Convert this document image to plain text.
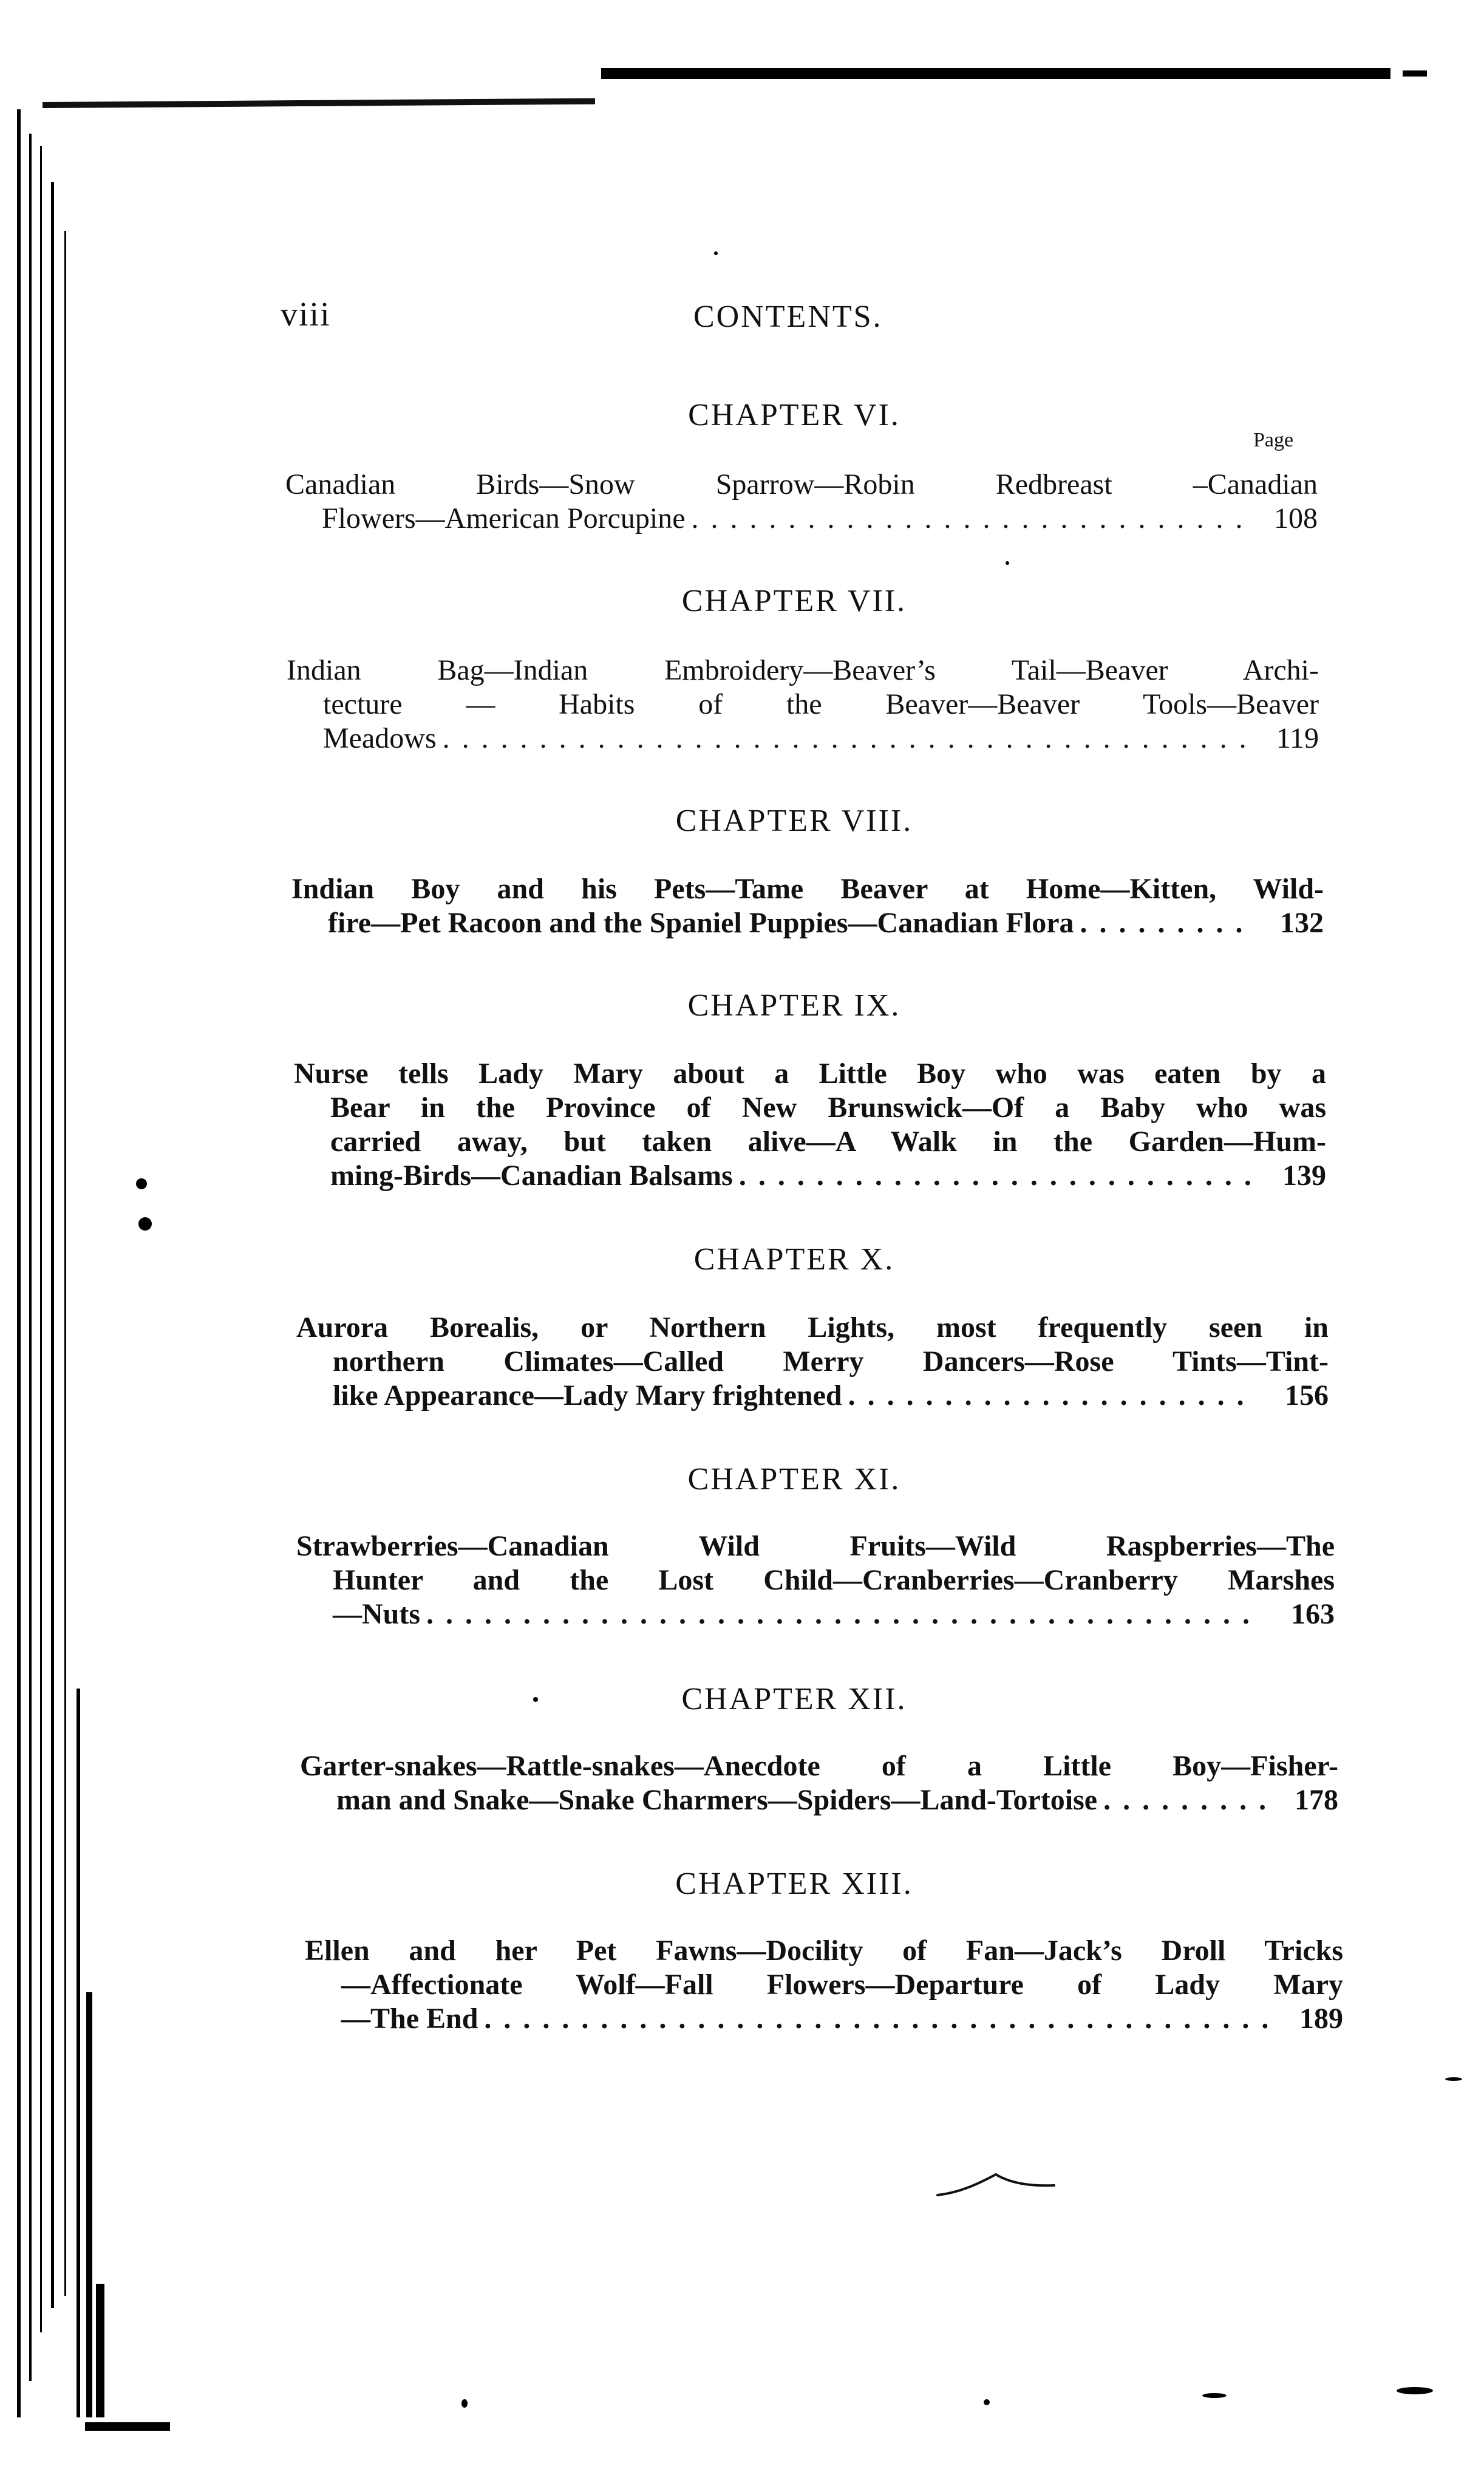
viii	CONTENTS.
Page
CHAPTER VI.
Canadian Birds—Snow Sparrow—Robin Redbreast –Canadian
Flowers—American Porcupine . . .	108
CHAPTER VII.
Indian Bag—Indian Embroidery—Beaver’s Tail—Beaver Archi-
tecture — Habits of the Beaver—Beaver Tools—Beaver
Meadows . . .	119
CHAPTER VIII.
Indian Boy and his Pets—Tame Beaver at Home—Kitten, Wild-
fire—Pet Racoon and the Spaniel Puppies—Canadian Flora . . .	132
CHAPTER IX.
Nurse tells Lady Mary about a Little Boy who was eaten by a
Bear in the Province of New Brunswick—Of a Baby who was
carried away, but taken alive—A Walk in the Garden—Hum-
ming-Birds—Canadian Balsams . . .	139
CHAPTER X.
Aurora Borealis, or Northern Lights, most frequently seen in
northern Climates—Called Merry Dancers—Rose Tints—Tint-
like Appearance—Lady Mary frightened . . .	156
CHAPTER XI.
Strawberries—Canadian Wild Fruits—Wild Raspberries—The
Hunter and the Lost Child—Cranberries—Cranberry Marshes
—Nuts . . .	163
CHAPTER XII.
Garter-snakes—Rattle-snakes—Anecdote of a Little Boy—Fisher-
man and Snake—Snake Charmers—Spiders—Land-Tortoise . . .	178
CHAPTER XIII.
Ellen and her Pet Fawns—Docility of Fan—Jack’s Droll Tricks
—Affectionate Wolf—Fall Flowers—Departure of Lady Mary
—The End . . .	189
